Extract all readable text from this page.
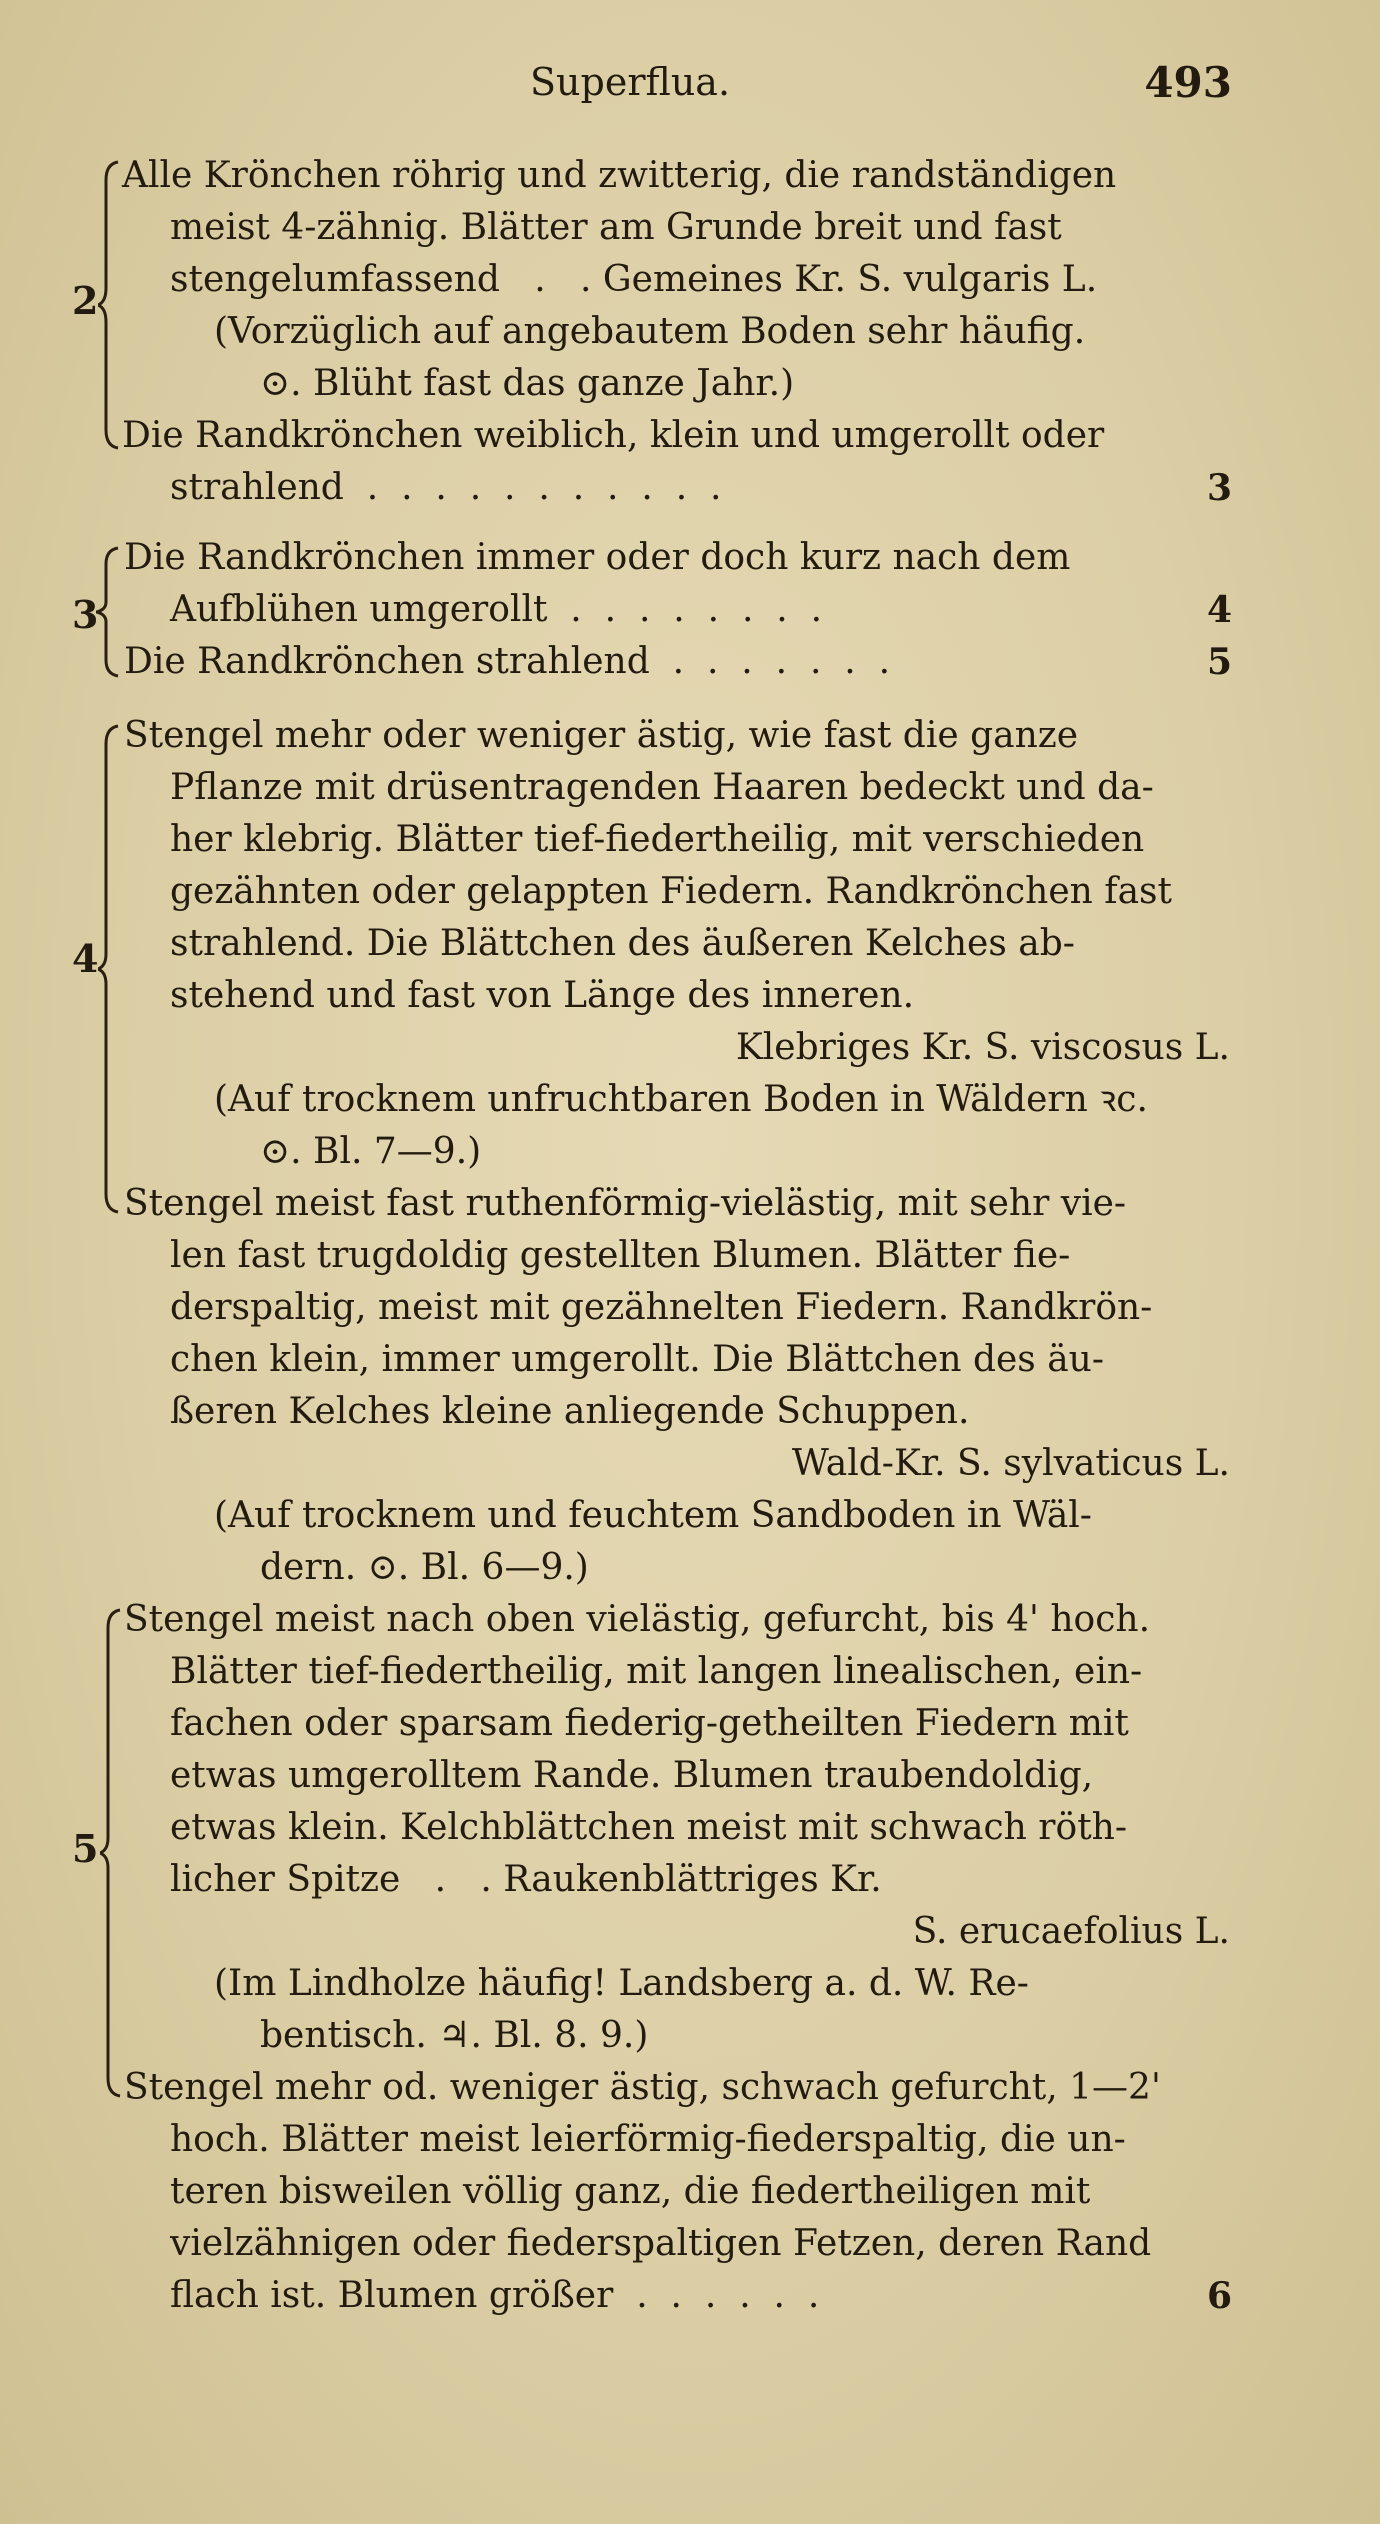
Superflua.	493
2
Alle Krönchen röhrig und zwitterig, die randständigen
meist 4-zähnig. Blätter am Grunde breit und fast
stengelumfassend   .   . Gemeines Kr. S. vulgaris L.
(Vorzüglich auf angebautem Boden sehr häufig.
⊙. Blüht fast das ganze Jahr.)
Die Randkrönchen weiblich, klein und umgerollt oder
strahlend  .  .  .  .  .  .  .  .  .  .  .	3
3
Die Randkrönchen immer oder doch kurz nach dem
Aufblühen umgerollt  .  .  .  .  .  .  .  .	4
Die Randkrönchen strahlend  .  .  .  .  .  .  .	5
4
Stengel mehr oder weniger ästig, wie fast die ganze
Pflanze mit drüsentragenden Haaren bedeckt und da-
her klebrig. Blätter tief-fiedertheilig, mit verschieden
gezähnten oder gelappten Fiedern. Randkrönchen fast
strahlend. Die Blättchen des äußeren Kelches ab-
stehend und fast von Länge des inneren.
Klebriges Kr. S. viscosus L.
(Auf trocknem unfruchtbaren Boden in Wäldern ꝛc.
⊙. Bl. 7—9.)
Stengel meist fast ruthenförmig-vielästig, mit sehr vie-
len fast trugdoldig gestellten Blumen. Blätter fie-
derspaltig, meist mit gezähnelten Fiedern. Randkrön-
chen klein, immer umgerollt. Die Blättchen des äu-
ßeren Kelches kleine anliegende Schuppen.
Wald-Kr. S. sylvaticus L.
(Auf trocknem und feuchtem Sandboden in Wäl-
dern. ⊙. Bl. 6—9.)
5
Stengel meist nach oben vielästig, gefurcht, bis 4' hoch.
Blätter tief-fiedertheilig, mit langen linealischen, ein-
fachen oder sparsam fiederig-getheilten Fiedern mit
etwas umgerolltem Rande. Blumen traubendoldig,
etwas klein. Kelchblättchen meist mit schwach röth-
licher Spitze   .   . Raukenblättriges Kr.
S. erucaefolius L.
(Im Lindholze häufig! Landsberg a. d. W. Re-
bentisch. ♃. Bl. 8. 9.)
Stengel mehr od. weniger ästig, schwach gefurcht, 1—2'
hoch. Blätter meist leierförmig-fiederspaltig, die un-
teren bisweilen völlig ganz, die fiedertheiligen mit
vielzähnigen oder fiederspaltigen Fetzen, deren Rand
flach ist. Blumen größer  .  .  .  .  .  .	6
